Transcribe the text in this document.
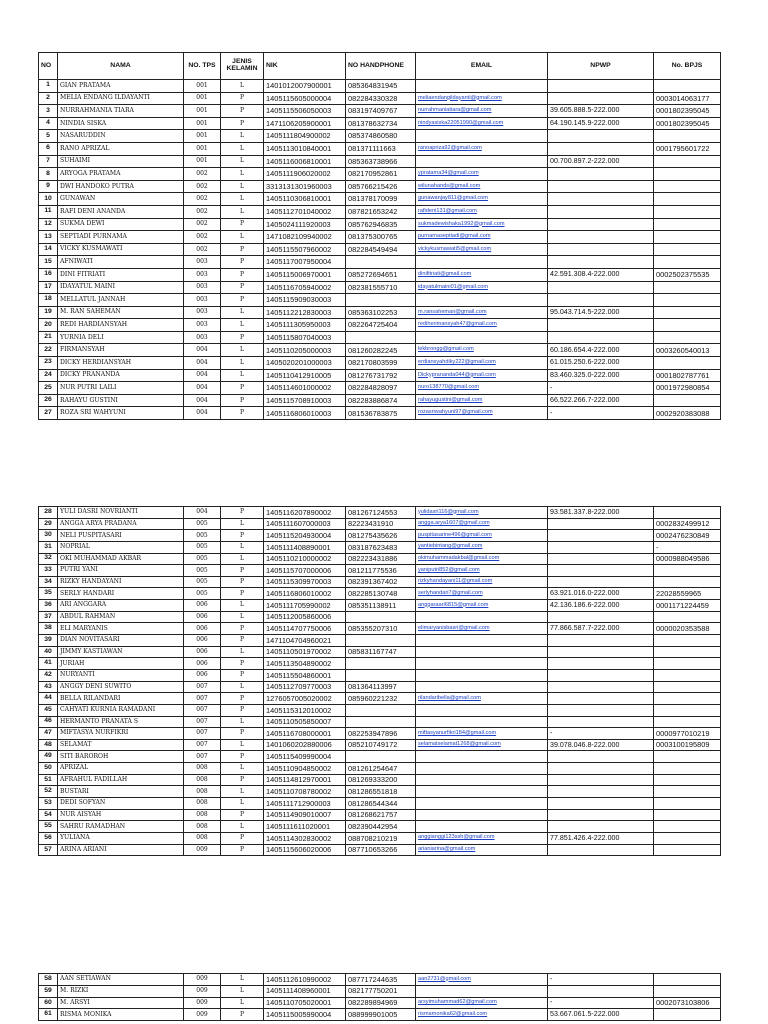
NO	NAMA	NO. TPS	JENIS KELAMIN	NIK	NO HANDPHONE	EMAIL	NPWP	No. BPJS
1	GIAN PRATAMA	001	L	1401012007900001	085364831945			
2	MELIA ENDANG ILDAYANTI	001	P	1405115605000004	082284330328	meliaendangildayanti@gmail.com		0003014063177
3	NURRAHMANIA TIARA	001	P	1405115506050003	083197409767	nurrahmaniatiara@gmail.com	39.605.888.5-222.000	0001802395045
4	NINDIA SISKA	001	P	1471106205900001	081378632734	nindyasiska22051990@gmail.com	64.190.145.9-222.000	0001802395045
5	NASARUDDIN	001	L	1405111804900002	085374860580			
6	RANO APRIZAL	001	L	1405113010840001	081371111663	ranoapriza92@gmail.com		0001795601722
7	SUHAIMI	001	L	1405116006810001	085363738966		00.700.897.2-222.000	
8	ARYOGA PRATAMA	002	L	1405111906020002	082170952861	ypratama34@gmail.com		
9	DWI HANDOKO PUTRA	002	L	3313131301960003	085766215426	wilunahands@gmail.com		
10	GUNAWAN	002	L	1405110306810001	081378170099	gunawanjay811@gmail.com		
11	RAFI DENI ANANDA	002	L	1405112701040002	087821653242	rafideni131@gmail.com		
12	SUKMA DEWI	002	P	1405024111920003	085762946835	sukmadewishaka1992@gmail.com		
13	SEPTIADI PURNAMA	002	L	1471082109940002	081375300765	purnamaseptiadi@gmail.com		
14	VICKY KUSMAWATI	002	P	1405115507960002	082284549494	vickykusmawati5@gmail.com		
15	AFNIWATI	003	P	1405117007950004				
16	DINI FITRIATI	003	P	1405115006970001	085272694651	dinifitriati@gmail.com	42.591.308.4-222.000	0002502375535
17	IDAYATUL MAINI	003	P	1405116705940002	082381555710	idayatulmaini01@gmail.com		
18	MELLATUL JANNAH	003	P	1405115909030003				
19	M. RAN SAHEMAN	003	L	1405112212830003	085363102253	m.ransaheman@gmail.com	95.043.714.5-222.000	
20	REDI HARDIANSYAH	003	L	1405111305950003	082264725404	rediherimansyah47@gmail.com		
21	YURNIA DELI	003	P	1405115807040003				
22	FIRMANSYAH	004	L	1405110205000003	081260282245	lekbrongg@gmail.com	60.186.654.4-222.000	0003260540013
23	DICKY HERDIANSYAH	004	L	1405020201000003	082170803599	erdiansyahdiky222@gmail.com	61.015.250.6-222.000	
24	DICKY PRANANDA	004	L	1405110412910005	081276731792	Dickyprananda044@gmail.com	83.460.325.0-222.000	0001802787761
25	NUR PUTRI LAILI	004	P	1405114601000002	082284828097	nuro138770@gmail.com	-	0001972980854
26	RAHAYU GUSTINI	004	P	1405115708910003	082283886874	rahayugustini@gmail.com	66.522.266.7-222.000	
27	ROZA SRI WAHYUNI	004	P	1405116806010003	081536783875	rozasriwahyuni97@gmail.com	-	0002920383088
28	YULI DASRI NOVRIANTI	004	P	1405116207890002	081267124553	yulidasri116@gmail.com	93.581.337.8-222.000	
29	ANGGA ARYA PRADANA	005	L	1405111607000003	82223431910	angga.arya1607@gmail.com		0002832499912
30	NELI PUSPITASARI	005	P	1405115204930004	081275435626	puspitasarine496@gmail.com		0002476230849
31	NOPRIAL	005	L	1405111408890001	083187623483	yantiebintang@gmail.com		-
32	OKI MUHAMMAD AKBAR	005	L	1405110210000002	082223431886	okimuhammadakbal@gmail.com		0000988049586
33	PUTRI YANI	005	P	1405115707000006	081211775536	yaniputri852@gmail.com		
34	RIZKY HANDAYANI	005	P	1405115309970003	082391367402	rizkyhandayani11@gmail.com		
35	SERLY HANDARI	005	P	1405116806010002	082285130748	serlyhandari7@gmail.com	63.921.016.0-222.000	22028559965
36	ARI ANGGARA	006	L	1405111705990002	085351138911	anggaraari6815@gmail.com	42.136.186.6-222.000	0001171224459
37	ABDUL RAHMAN	006	L	1405112005860006				
38	ELI MARYANIS	006	P	1405114707750006	085355207310	elimaryanisbasri@gmail.com	77.866.587.7-222.000	0000020353588
39	DIAN NOVITASARI	006	P	1471104704960021				
40	JIMMY KASTIAWAN	006	L	1405110501970002	085831167747			
41	JURIAH	006	P	1405113504890002				
42	NURYANTI	006	P	1405115504860001				
43	ANGGY DENI SUWITO	007	L	1405112709770003	081364113997			
44	BELLA RILANDARI	007	P	1276057005020002	085960221232	rilandaribella@gmail.com		
45	CAHYATI KURNIA RAMADANI	007	P	1405115312010002				
46	HERMANTO PRANATA S	007	L	1405110505850007				
47	MIFTASYA NURFIKRI	007	P	1405116708000001	082253947896	miftasyanurfikri184@gmail.com	-	0000977010219
48	SELAMAT	007	L	1401060202880006	085210749172	selamatselamat1268@gmail.com	39.078.046.8-222.000	0003100195809
49	SITI BAROROH	007	P	1405115409990004				
50	APRIZAL	008	L	1405110904850002	081261254647			
51	AFRAHUL FADILLAH	008	P	1405114812970001	081269333200			
52	BUSTARI	008	L	1405110708780002	081286551818			
53	DEDI SOFYAN	008	L	1405111712900003	081286544344			
54	NUR AISYAH	008	P	1405114909010007	081268621757			
55	SAHRU RAMADHAN	008	L	1405111611020001	082390442954			
56	YULIANA	008	P	1405114302830002	088708210219	anggianggi123ssh@gmail.com	77.851.426.4-222.000	
57	ARINA ARIANI	009	P	1405115606020006	087710653266	arianiarina@gmail.com		
58	AAN SETIAWAN	009	L	1405112610990002	087717244635	aan2731@gmail.com	-	
59	M. RIZKI	009	L	1405111408960001	082177750201			
60	M. ARSYI	009	L	1405110705020001	082289894969	arsyimuhammad62@gmail.com	-	0002073103806
61	RISMA MONIKA	009	P	1405115005990004	088999901005	rismamonika62@gmail.com	53.667.061.5-222.000	
